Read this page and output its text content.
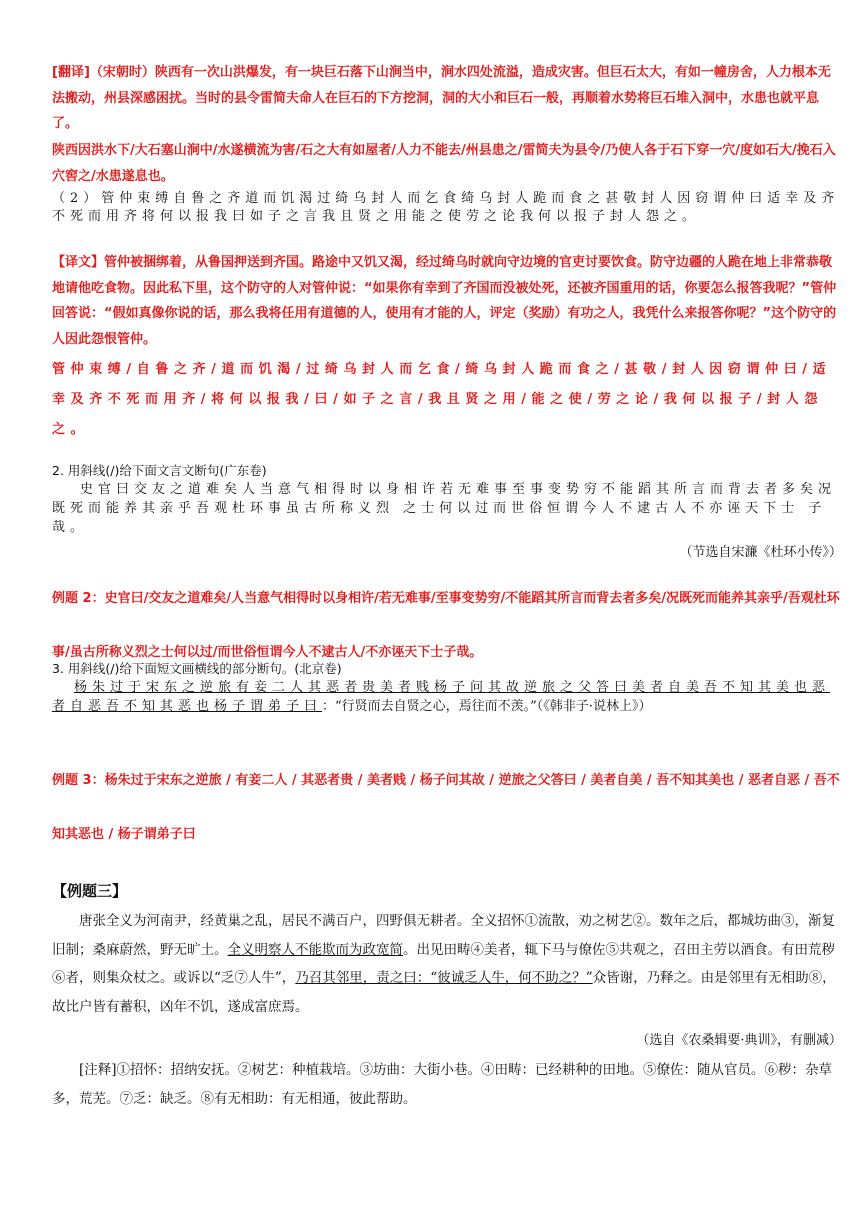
[翻译]（宋朝时）陕西有一次山洪爆发，有一块巨石落下山涧当中，涧水四处流溢，造成灾害。但巨石太大，有如一幢房舍，人力根本无法搬动，州县深感困扰。当时的县令雷简夫命人在巨石的下方挖洞，洞的大小和巨石一般，再顺着水势将巨石堆入洞中，水患也就平息了。

陕西因洪水下/大石塞山涧中/水遂横流为害/石之大有如屋者/人力不能去/州县患之/雷简夫为县令/乃使人各于石下穿一穴/度如石大/挽石入穴窖之/水患遂息也。

（2）管仲束缚自鲁之齐道而饥渴过绮乌封人而乞食绮乌封人跪而食之甚敬封人因窃谓仲曰适幸及齐不死而用齐将何以报我曰如子之言我且贤之用能之使劳之论我何以报子封人怨之。

【译文】管仲被捆绑着，从鲁国押送到齐国。路途中又饥又渴，经过绮乌时就向守边境的官吏讨要饮食。防守边疆的人跪在地上非常恭敬地请他吃食物。因此私下里，这个防守的人对管仲说：“如果你有幸到了齐国而没被处死，还被齐国重用的话，你要怎么报答我呢？”管仲回答说：“假如真像你说的话，那么我将任用有道德的人，使用有才能的人，评定（奖励）有功之人，我凭什么来报答你呢？”这个防守的人因此怨恨管仲。

管仲束缚/自鲁之齐/道而饥渴/过绮乌封人而乞食/绮乌封人跪而食之/甚敬/封人因窃谓仲曰/适幸及齐不死而用齐/将何以报我/曰/如子之言/我且贤之用/能之使/劳之论/我何以报子/封人怨之。

2. 用斜线(/)给下面文言文断句(广东卷)

史官曰交友之道难矣人当意气相得时以身相许若无难事至事变势穷不能蹈其所言而背去者多矣况既死而能养其亲乎吾观杜环事虽古所称义烈 之士何以过而世俗恒谓今人不逮古人不亦诬天下士 子哉。

（节选自宋濂《杜环小传》）

例题 2：史官曰/交友之道难矣/人当意气相得时以身相许/若无难事/至事变势穷/不能蹈其所言而背去者多矣/况既死而能养其亲乎/吾观杜环事/虽古所称义烈之士何以过/而世俗恒谓今人不逮古人/不亦诬天下士子哉。

3. 用斜线(/)给下面短文画横线的部分断句。(北京卷)

杨朱过于宋东之逆旅有妾二人其恶者贵美者贱杨子问其故逆旅之父答曰美者自美吾不知其美也恶者自恶吾不知其恶也杨子谓弟子曰：“行贤而去自贤之心，焉往而不羡。”（《韩非子·说林上》）

例题 3：杨朱过于宋东之逆旅 / 有妾二人 / 其恶者贵 / 美者贱 / 杨子问其故 / 逆旅之父答曰 / 美者自美 / 吾不知其美也 / 恶者自恶 / 吾不知其恶也 / 杨子谓弟子曰

【例题三】

唐张全义为河南尹，经黄巢之乱，居民不满百户，四野俱无耕者。全义招怀①流散，劝之树艺②。数年之后，都城坊曲③，渐复旧制；桑麻蔚然，野无旷土。全义明察人不能欺而为政宽简。出见田畴④美者，辄下马与僚佐⑤共观之，召田主劳以酒食。有田荒秽⑥者，则集众杖之。或诉以“乏⑦人牛”，乃召其邻里，责之曰：“彼诚乏人牛，何不助之？”众皆谢，乃释之。由是邻里有无相助⑧，故比户皆有蓄积，凶年不饥，遂成富庶焉。

（选自《农桑辑要·典训》，有删减）

[注释]①招怀：招纳安抚。②树艺：种植栽培。③坊曲：大街小巷。④田畴：已经耕种的田地。⑤僚佐：随从官员。⑥秽：杂草多，荒芜。⑦乏：缺乏。⑧有无相助：有无相通，彼此帮助。
